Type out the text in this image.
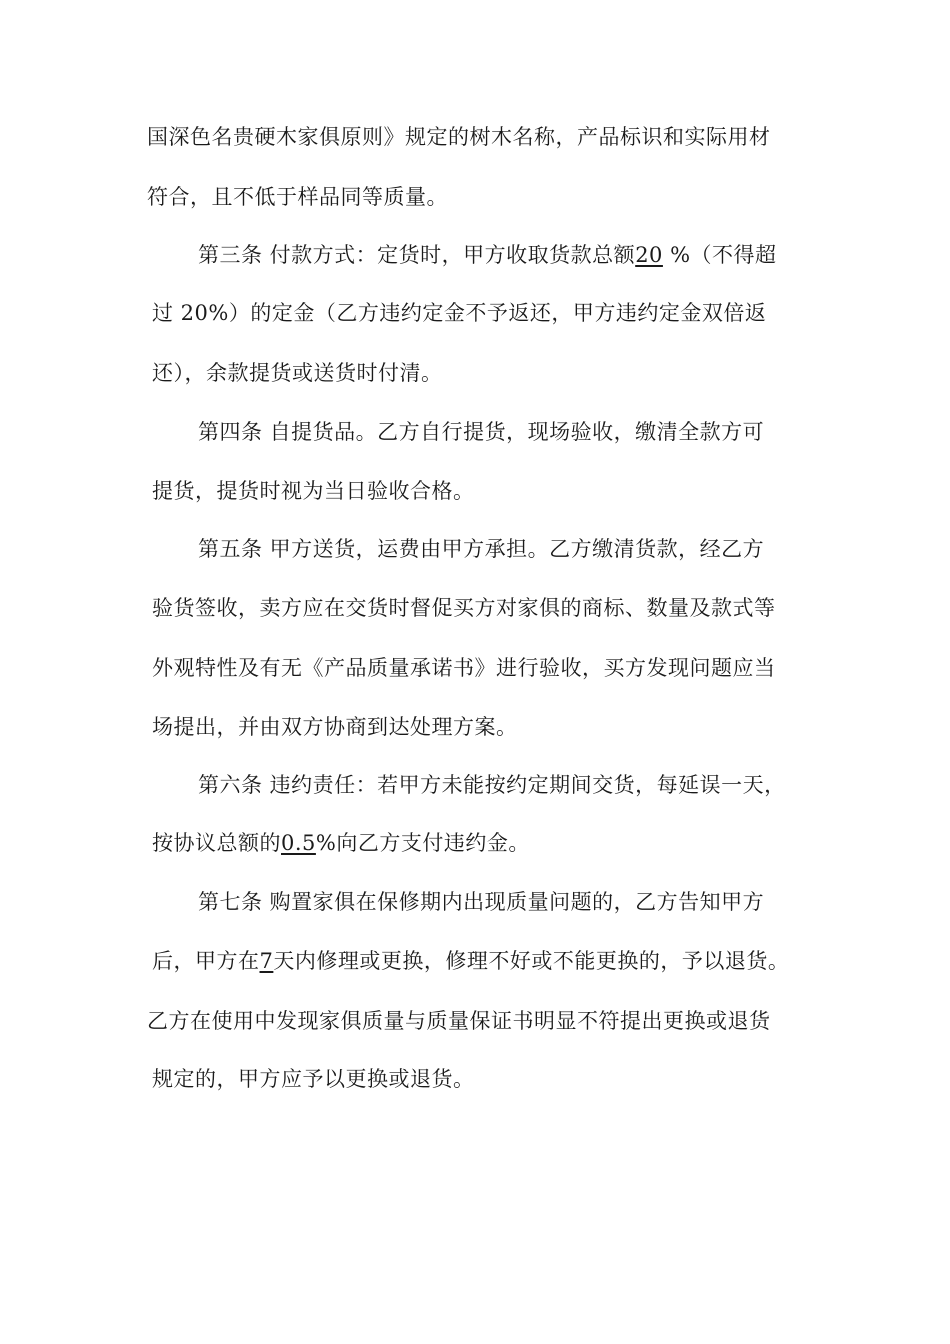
国深色名贵硬木家俱原则》规定的树木名称，产品标识和实际用材
符合，且不低于样品同等质量。
第三条 付款方式：定货时，甲方收取货款总额20 %（不得超
过 20%）的定金（乙方违约定金不予返还，甲方违约定金双倍返
还），余款提货或送货时付清。
第四条 自提货品。乙方自行提货，现场验收，缴清全款方可
提货，提货时视为当日验收合格。
第五条 甲方送货，运费由甲方承担。乙方缴清货款，经乙方
验货签收，卖方应在交货时督促买方对家俱的商标、数量及款式等
外观特性及有无《产品质量承诺书》进行验收，买方发现问题应当
场提出，并由双方协商到达处理方案。
第六条 违约责任：若甲方未能按约定期间交货，每延误一天，
按协议总额的0.5%向乙方支付违约金。
第七条 购置家俱在保修期内出现质量问题的，乙方告知甲方
后，甲方在7天内修理或更换，修理不好或不能更换的，予以退货。
乙方在使用中发现家俱质量与质量保证书明显不符提出更换或退货
规定的，甲方应予以更换或退货。
